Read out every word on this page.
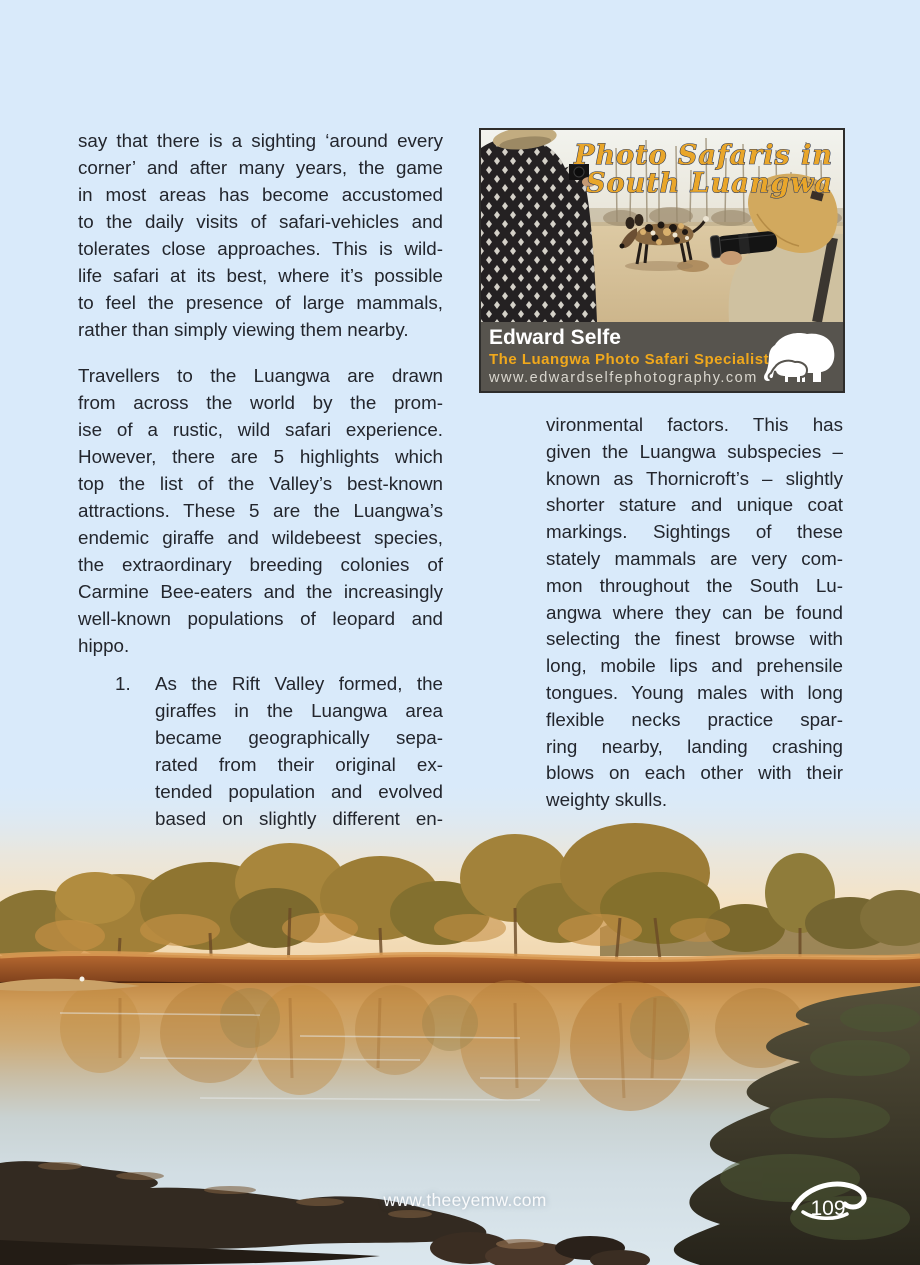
say that there is a sighting ‘around every
corner’ and after many years, the game
in most areas has become accustomed
to the daily visits of safari-vehicles and
tolerates close approaches. This is wild-
life safari at its best, where it’s possible
to feel the presence of large mammals,
rather than simply viewing them nearby.
Travellers to the Luangwa are drawn
from across the world by the prom-
ise of a rustic, wild safari experience.
However, there are 5 highlights which
top the list of the Valley’s best-known
attractions. These 5 are the Luangwa’s
endemic giraffe and wildebeest species,
the extraordinary breeding colonies of
Carmine Bee-eaters and the increasingly
well-known populations of leopard and
hippo.
1.	As the Rift Valley formed, the
giraffes in the Luangwa area
became geographically sepa-
rated from their original ex-
tended population and evolved
based on slightly different en-
vironmental factors. This has
given the Luangwa subspecies –
known as Thornicroft’s – slightly
shorter stature and unique coat
markings. Sightings of these
stately mammals are very com-
mon throughout the South Lu-
angwa where they can be found
selecting the finest browse with
long, mobile lips and prehensile
tongues. Young males with long
flexible necks practice spar-
ring nearby, landing crashing
blows on each other with their
weighty skulls.
Photo Safaris in
South Luangwa
Edward Selfe
The Luangwa Photo Safari Specialist
www.edwardselfephotography.com
www.theeyemw.com	109
